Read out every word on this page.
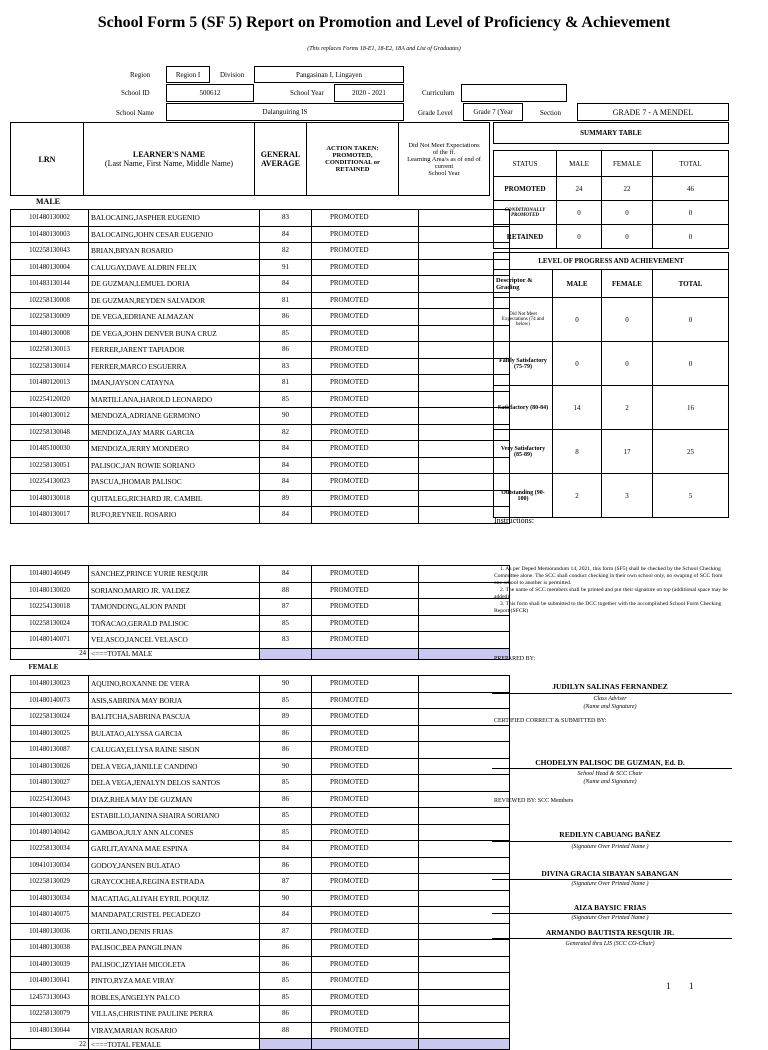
School Form 5 (SF 5) Report on Promotion and Level of Proficiency & Achievement
(This replaces Forms 18-E1, 18-E2, 18A and List of Graduates)
Region	Region I	Division	Pangasinan I, Lingayen
School ID	500612	School Year	2020 - 2021	Curriculum
School Name	Dalanguiring IS	Grade Level	Grade 7 (Year	Section	GRADE 7 - A MENDEL
LRN	LEARNER'S NAME
(Last Name, First Name, Middle Name)
GENERAL
AVERAGE
ACTION TAKEN:
PROMOTED,
CONDITIONAL or
RETAINED
Did Not Meet Expectations
of the ff.
Learning Area/s as of end of
current
School Year
MALE
101480130002	BALOCAING,JASPHER EUGENIO	83	PROMOTED	
101480130003	BALOCAING,JOHN CESAR EUGENIO	84	PROMOTED	
102258130043	BRIAN,BRYAN ROSARIO	82	PROMOTED	
101480130004	CALUGAY,DAVE ALDRIN FELIX	91	PROMOTED	
101483130144	DE GUZMAN,LEMUEL DORIA	84	PROMOTED	
102258130008	DE GUZMAN,REYDEN SALVADOR	81	PROMOTED	
102258130009	DE VEGA,EDRIANE ALMAZAN	86	PROMOTED	
101480130008	DE VEGA,JOHN DENVER BUNA CRUZ	85	PROMOTED	
102258130013	FERRER,JARENT TAPIADOR	86	PROMOTED	
102258130014	FERRER,MARCO ESGUERRA	83	PROMOTED	
101480120013	IMAN,JAYSON CATAYNA	81	PROMOTED	
102254120020	MARTILLANA,HAROLD LEONARDO	85	PROMOTED	
101480130012	MENDOZA,ADRIANE GERMONO	90	PROMOTED	
102258130048	MENDOZA,JAY MARK GARCIA	82	PROMOTED	
101485100030	MENDOZA,JERRY MONDERO	84	PROMOTED	
102258130051	PALISOC,JAN ROWIE SORIANO	84	PROMOTED	
102254130023	PASCUA,JHOMAR PALISOC	84	PROMOTED	
101480130018	QUITALEG,RICHARD JR. CAMBIL	89	PROMOTED	
101480130017	RUFO,REYNEIL ROSARIO	84	PROMOTED	
SUMMARY TABLE			

STATUS	MALE	FEMALE	TOTAL
PROMOTED	24	22	46
CONDITIONALLY PROMOTED	0	0	0
RETAINED	0	0	0
LEVEL OF PROGRESS AND ACHIEVEMENT			
Descriptor & Grading	MALE	FEMALE	TOTAL
Did Not Meet Expectations (74 and below)	0	0	0
Fairly Satisfactory (75-79)	0	0	0
Satisfactory (80-84)	14	2	16
Very Satisfactory (85-89)	8	17	25
Outstanding (90-100)	2	3	5
Instructions:
101480140049	SANCHEZ,PRINCE YURIE RESQUIR	84	PROMOTED	
101480130020	SORIANO,MARIO JR. VALDEZ	88	PROMOTED	
102254130018	TAMONDONG,ALJON PANDI	87	PROMOTED	
102258130024	TOÑACAO,GERALD PALISOC	85	PROMOTED	
101480140071	VELASCO,JANCEL VELASCO	83	PROMOTED	
24	<===TOTAL MALE			
FEMALE				
101480130023	AQUINO,ROXANNE DE VERA	90	PROMOTED	
101480140073	ASIS,SABRINA MAY BORJA	85	PROMOTED	
102258130024	BALITCHA,SABRINA PASCUA	89	PROMOTED	
101480130025	BULATAO,ALYSSA GARCIA	86	PROMOTED	
101480130087	CALUGAY,ELLYSA RAINE SISON	86	PROMOTED	
101480130026	DELA VEGA,JANILLE CANDINO	90	PROMOTED	
101480130027	DELA VEGA,JENALYN DELOS SANTOS	85	PROMOTED	
102254130043	DIAZ,RHEA MAY DE GUZMAN	86	PROMOTED	
101480130032	ESTABILLO,JANINA SHAIRA SORIANO	85	PROMOTED	
101480140042	GAMBOA,JULY ANN ALCONES	85	PROMOTED	
102258130034	GARLIT,AYANA MAE ESPINA	84	PROMOTED	
109410130034	GODOY,JANSEN BULATAO	86	PROMOTED	
102258130029	GRAYCOCHEA,REGINA ESTRADA	87	PROMOTED	
101480130034	MACATIAG,ALIYAH EYRIL POQUIZ	90	PROMOTED	
101480140075	MANDAPAT,CRISTEL PECADEZO	84	PROMOTED	
101480130036	ORTILANO,DENIS FRIAS	87	PROMOTED	
101480130038	PALISOC,BEA PANGILINAN	86	PROMOTED	
101480130039	PALISOC,IZYIAH MICOLETA	86	PROMOTED	
101480130041	PINTO,RYZA MAE VIRAY	85	PROMOTED	
124573130043	ROBLES,ANGELYN PALCO	85	PROMOTED	
102258130079	VILLAS,CHRISTINE PAULINE PERRA	86	PROMOTED	
101480130044	VIRAY,MARIAN ROSARIO	88	PROMOTED	
22	<===TOTAL FEMALE			
1. As per Deped Memorandum 14, 2021, this form (SF5) shall be checked by the School Checking Committee alone. The SCC shall conduct checking in their own school only, no swaping of SCC from one school to another is permitted.
2. The name of SCC members shall be printed and put their signature on top (additional space may be added)
3. This form shall be submitted to the DCC together with the accomplished School Form Checking Report (SFCR)
PREPARED BY:
JUDILYN SALINAS FERNANDEZ
Class Adviser
(Name and Signature)
CERTIFIED CORRECT & SUBMITTED BY:
CHODELYN PALISOC DE GUZMAN, Ed. D.
School Head & SCC Chair
(Name and Signature)
REVIEWED BY: SCC Members
REDILYN CABUANG BAÑEZ
(Signature Over Printed Name )
DIVINA GRACIA SIBAYAN SABANGAN
(Signature Over Printed Name )
AIZA BAYSIC FRIAS
(Signature Over Printed Name )
ARMANDO BAUTISTA RESQUIR JR.
Generated thru LIS (SCC CO-Chair)
1 1
